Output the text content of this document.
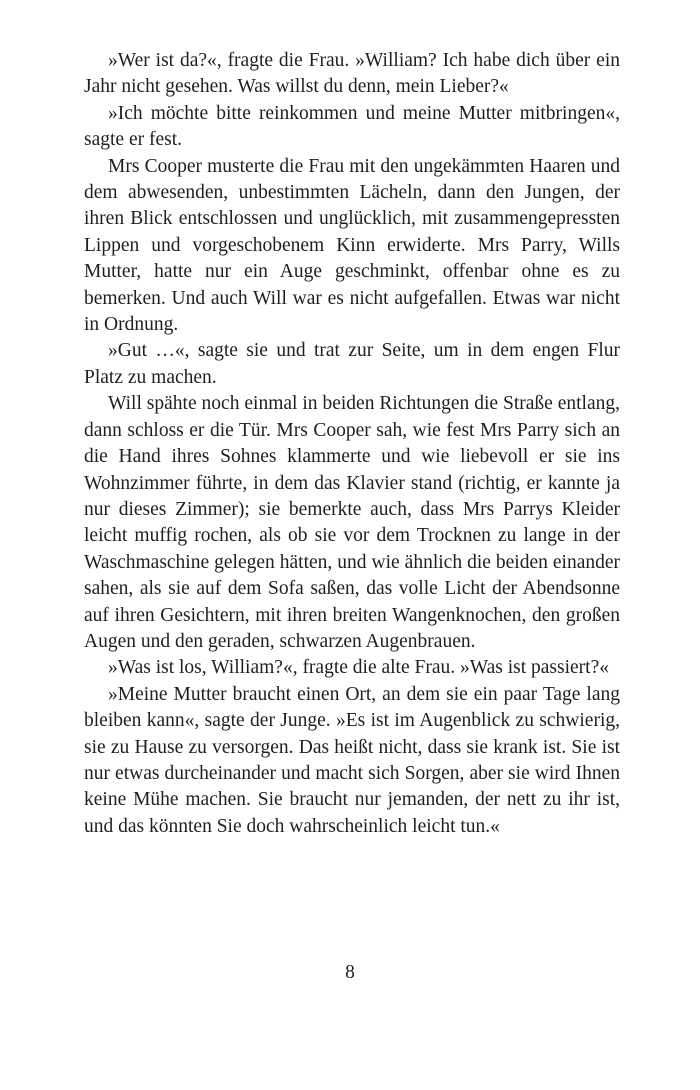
»Wer ist da?«, fragte die Frau. »William? Ich habe dich über ein Jahr nicht gesehen. Was willst du denn, mein Lieber?«

»Ich möchte bitte reinkommen und meine Mutter mitbringen«, sagte er fest.

Mrs Cooper musterte die Frau mit den ungekämmten Haaren und dem abwesenden, unbestimmten Lächeln, dann den Jungen, der ihren Blick entschlossen und unglücklich, mit zusammengepressten Lippen und vorgeschobenem Kinn erwiderte. Mrs Parry, Wills Mutter, hatte nur ein Auge geschminkt, offenbar ohne es zu bemerken. Und auch Will war es nicht aufgefallen. Etwas war nicht in Ordnung.

»Gut …«, sagte sie und trat zur Seite, um in dem engen Flur Platz zu machen.

Will spähte noch einmal in beiden Richtungen die Straße entlang, dann schloss er die Tür. Mrs Cooper sah, wie fest Mrs Parry sich an die Hand ihres Sohnes klammerte und wie liebevoll er sie ins Wohnzimmer führte, in dem das Klavier stand (richtig, er kannte ja nur dieses Zimmer); sie bemerkte auch, dass Mrs Parrys Kleider leicht muffig rochen, als ob sie vor dem Trocknen zu lange in der Waschmaschine gelegen hätten, und wie ähnlich die beiden einander sahen, als sie auf dem Sofa saßen, das volle Licht der Abendsonne auf ihren Gesichtern, mit ihren breiten Wangenknochen, den großen Augen und den geraden, schwarzen Augenbrauen.

»Was ist los, William?«, fragte die alte Frau. »Was ist passiert?«

»Meine Mutter braucht einen Ort, an dem sie ein paar Tage lang bleiben kann«, sagte der Junge. »Es ist im Augenblick zu schwierig, sie zu Hause zu versorgen. Das heißt nicht, dass sie krank ist. Sie ist nur etwas durcheinander und macht sich Sorgen, aber sie wird Ihnen keine Mühe machen. Sie braucht nur jemanden, der nett zu ihr ist, und das könnten Sie doch wahrscheinlich leicht tun.«

8
